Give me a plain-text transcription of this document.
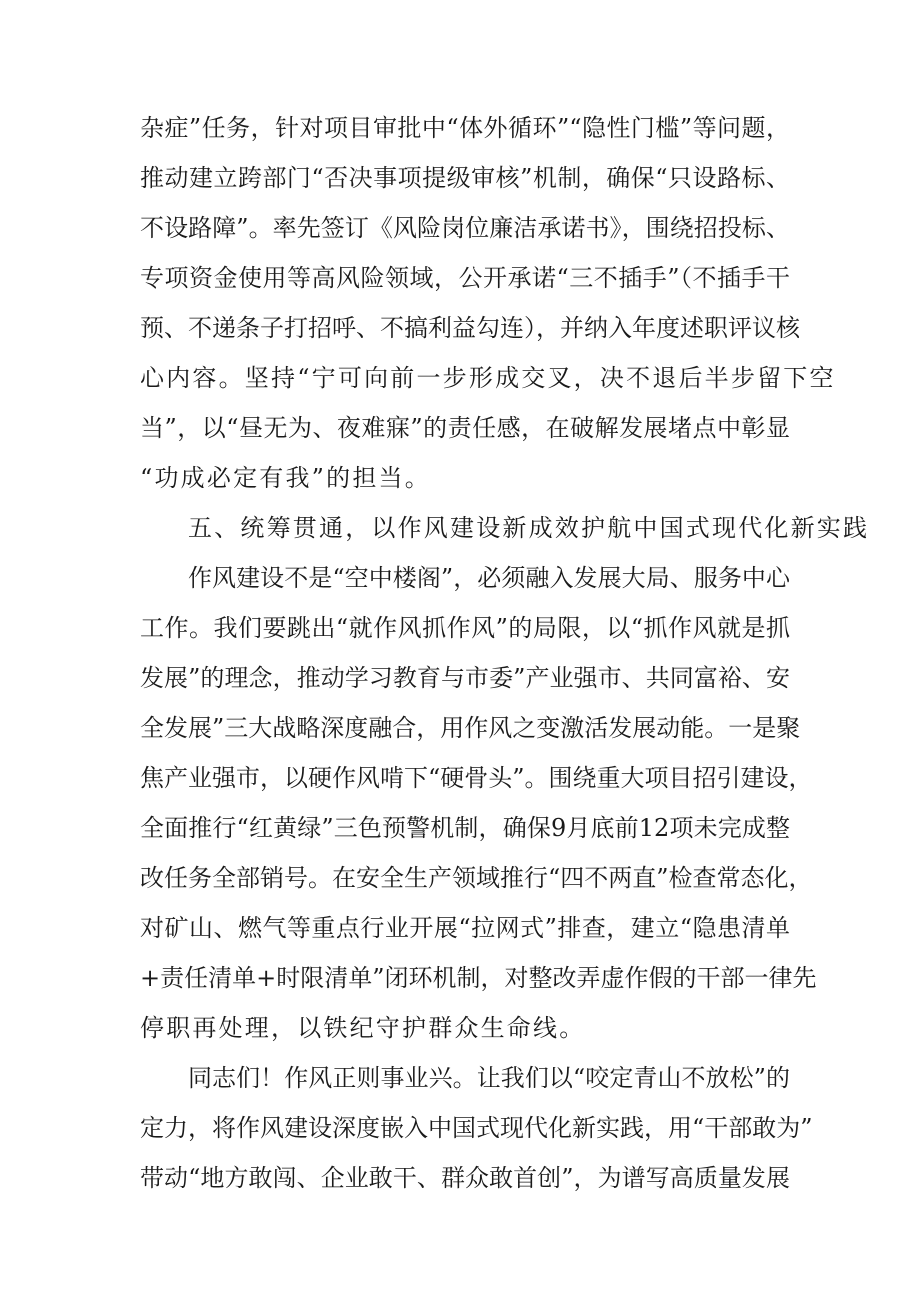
杂症”任务，针对项目审批中“体外循环”“隐性门槛”等问题，
推动建立跨部门“否决事项提级审核”机制，确保“只设路标、
不设路障”。率先签订《风险岗位廉洁承诺书》，围绕招投标、
专项资金使用等高风险领域，公开承诺“三不插手”（不插手干
预、不递条子打招呼、不搞利益勾连），并纳入年度述职评议核
心内容。坚持“宁可向前一步形成交叉，决不退后半步留下空
当”，以“昼无为、夜难寐”的责任感，在破解发展堵点中彰显
“功成必定有我”的担当。
五、统筹贯通，以作风建设新成效护航中国式现代化新实践
作风建设不是“空中楼阁”，必须融入发展大局、服务中心
工作。我们要跳出“就作风抓作风”的局限，以“抓作风就是抓
发展”的理念，推动学习教育与市委”产业强市、共同富裕、安
全发展”三大战略深度融合，用作风之变激活发展动能。一是聚
焦产业强市，以硬作风啃下“硬骨头”。围绕重大项目招引建设，
全面推行“红黄绿”三色预警机制，确保9月底前12项未完成整
改任务全部销号。在安全生产领域推行“四不两直”检查常态化，
对矿山、燃气等重点行业开展“拉网式”排查，建立“隐患清单
+责任清单+时限清单”闭环机制，对整改弄虚作假的干部一律先
停职再处理，以铁纪守护群众生命线。
同志们！作风正则事业兴。让我们以“咬定青山不放松”的
定力，将作风建设深度嵌入中国式现代化新实践，用“干部敢为”
带动“地方敢闯、企业敢干、群众敢首创”，为谱写高质量发展
